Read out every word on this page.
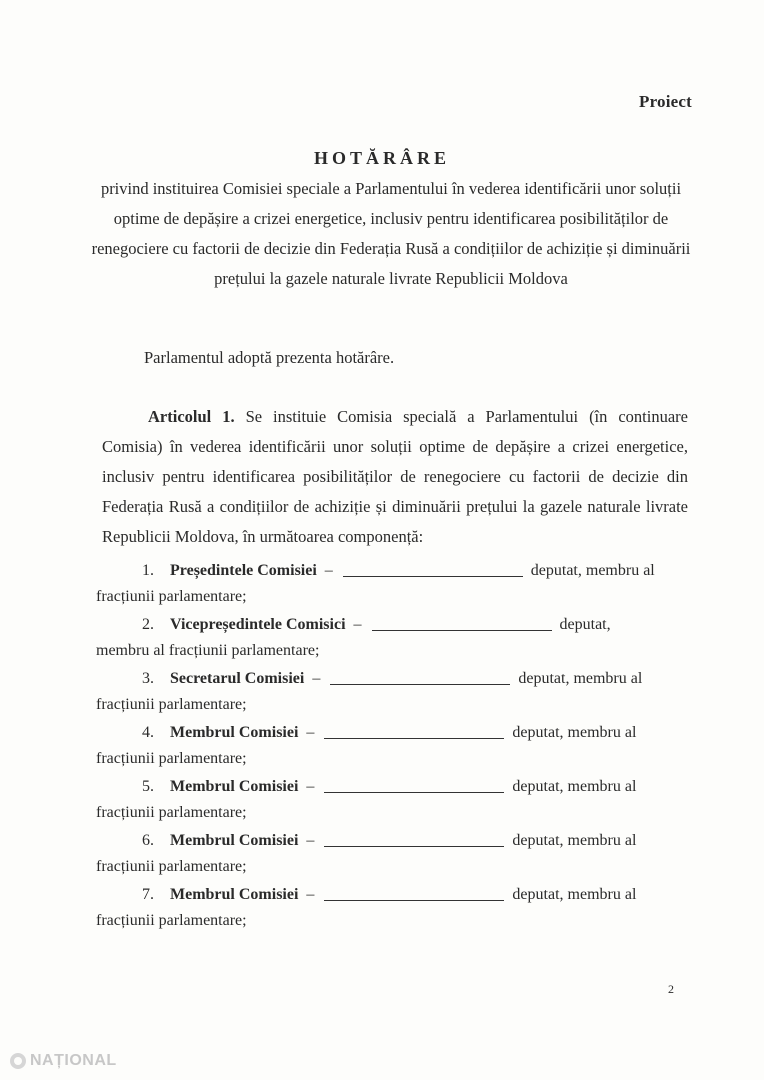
Proiect
HOTĂRÂRE
privind instituirea Comisiei speciale a Parlamentului în vederea identificării unor soluții optime de depășire a crizei energetice, inclusiv pentru identificarea posibilităților de renegociere cu factorii de decizie din Federația Rusă a condițiilor de achiziție și diminuării prețului la gazele naturale livrate Republicii Moldova
Parlamentul adoptă prezenta hotărâre.
Articolul 1. Se instituie Comisia specială a Parlamentului (în continuare Comisia) în vederea identificării unor soluții optime de depășire a crizei energetice, inclusiv pentru identificarea posibilităților de renegociere cu factorii de decizie din Federația Rusă a condițiilor de achiziție și diminuării prețului la gazele naturale livrate Republicii Moldova, în următoarea componență:
1. Președintele Comisiei –	deputat, membru al
fracțiunii parlamentare;
2. Vicepreședintele Comisici –	deputat,
membru al fracțiunii parlamentare;
3. Secretarul Comisiei –	deputat, membru al
fracțiunii parlamentare;
4. Membrul Comisiei –	deputat, membru al
fracțiunii parlamentare;
5. Membrul Comisiei –	deputat, membru al
fracțiunii parlamentare;
6. Membrul Comisiei –	deputat, membru al
fracțiunii parlamentare;
7. Membrul Comisiei –	deputat, membru al
fracțiunii parlamentare;
2
NAȚIONAL
